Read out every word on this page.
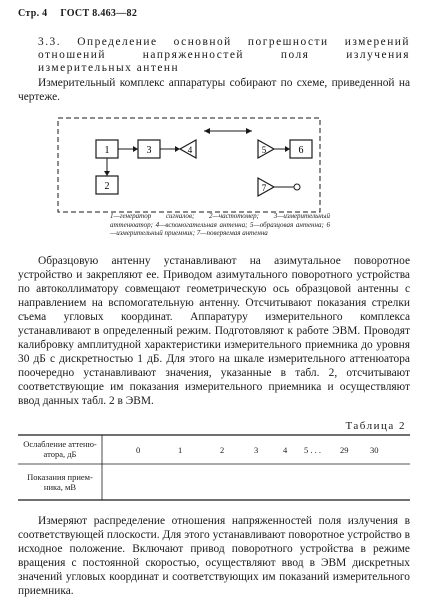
Стр. 4 ГОСТ 8.463—82
3.3. Определение основной погрешности измерений отношений напряженностей поля излучения измерительных антенн
Измерительный комплекс аппаратуры собирают по схеме, приведенной на чертеже.
1	3
2
4	5	6
7
1—генератор сигналов; 2—частотомер; 3—измерительный аттенюатор; 4—вспомогательная антенна; 5—образцовая антенна; 6—измерительный приемник; 7—поверяемая антенна
Образцовую антенну устанавливают на азимутальное поворотное устройство и закрепляют ее. Приводом азимутального поворотного устройства по автоколлиматору совмещают геометрическую ось образцовой антенны с направлением на вспомогательную антенну. Отсчитывают показания стрелки съема угловых координат. Аппаратуру измерительного комплекса устанавливают в определенный режим. Подготовляют к работе ЭВМ. Проводят калибровку амплитудной характеристики измерительного приемника до уровня 30 дБ с дискретностью 1 дБ. Для этого на шкале измерительного аттенюатора поочередно устанавливают значения, указанные в табл. 2, отсчитывают соответствующие им показания измерительного приемника и осуществляют ввод данных табл. 2 в ЭВМ.
Таблица 2
Ослабление аттеню-
атора, дБ	0	1	2	3	4 5 . . . 29	30
Показания прием-
ника, мВ
Измеряют распределение отношения напряженностей поля излучения в соответствующей плоскости. Для этого устанавливают поворотное устройство в исходное положение. Включают привод поворотного устройства в режиме вращения с постоянной скоростью, осуществляют ввод в ЭВМ дискретных значений угловых координат и соответствующих им показаний измерительного приемника.
